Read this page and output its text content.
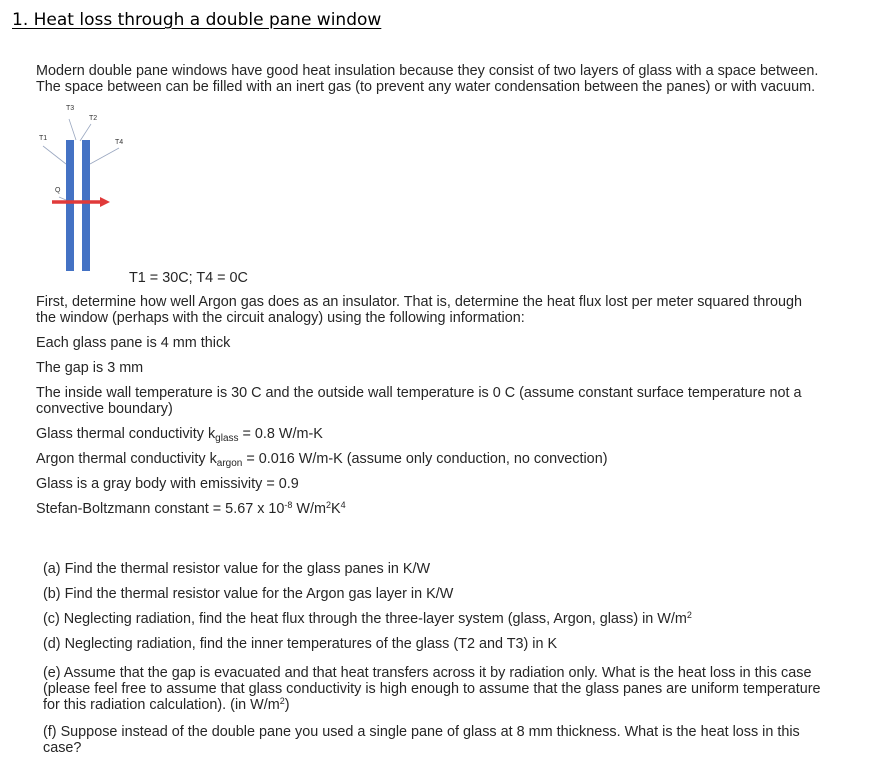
1. Heat loss through a double pane window
Modern double pane windows have good heat insulation because they consist of two layers of glass with a space between.
The space between can be filled with an inert gas (to prevent any water condensation between the panes) or with vacuum.
T3
T2
T1
T4
Q
T1 = 30C; T4 = 0C
First, determine how well Argon gas does as an insulator. That is, determine the heat flux lost per meter squared through
the window (perhaps with the circuit analogy) using the following information:
Each glass pane is 4 mm thick
The gap is 3 mm
The inside wall temperature is 30 C and the outside wall temperature is 0 C (assume constant surface temperature not a
convective boundary)
Glass thermal conductivity $k_{glass} = 0.8$ W/m-K
Argon thermal conductivity $k_{argon} = 0.016$ W/m-K (assume only conduction, no convection)
Glass is a gray body with emissivity = 0.9
Stefan-Boltzmann constant = 5.67 x $10^{-8}$ $W/m^2K^4$
(a) Find the thermal resistor value for the glass panes in K/W
(b) Find the thermal resistor value for the Argon gas layer in K/W
(c) Neglecting radiation, find the heat flux through the three-layer system (glass, Argon, glass) in $W/m^2$
(d) Neglecting radiation, find the inner temperatures of the glass (T2 and T3) in K
(e) Assume that the gap is evacuated and that heat transfers across it by radiation only. What is the heat loss in this case
(please feel free to assume that glass conductivity is high enough to assume that the glass panes are uniform temperature
for this radiation calculation). (in $W/m^2$)
(f) Suppose instead of the double pane you used a single pane of glass at 8 mm thickness. What is the heat loss in this
case?
